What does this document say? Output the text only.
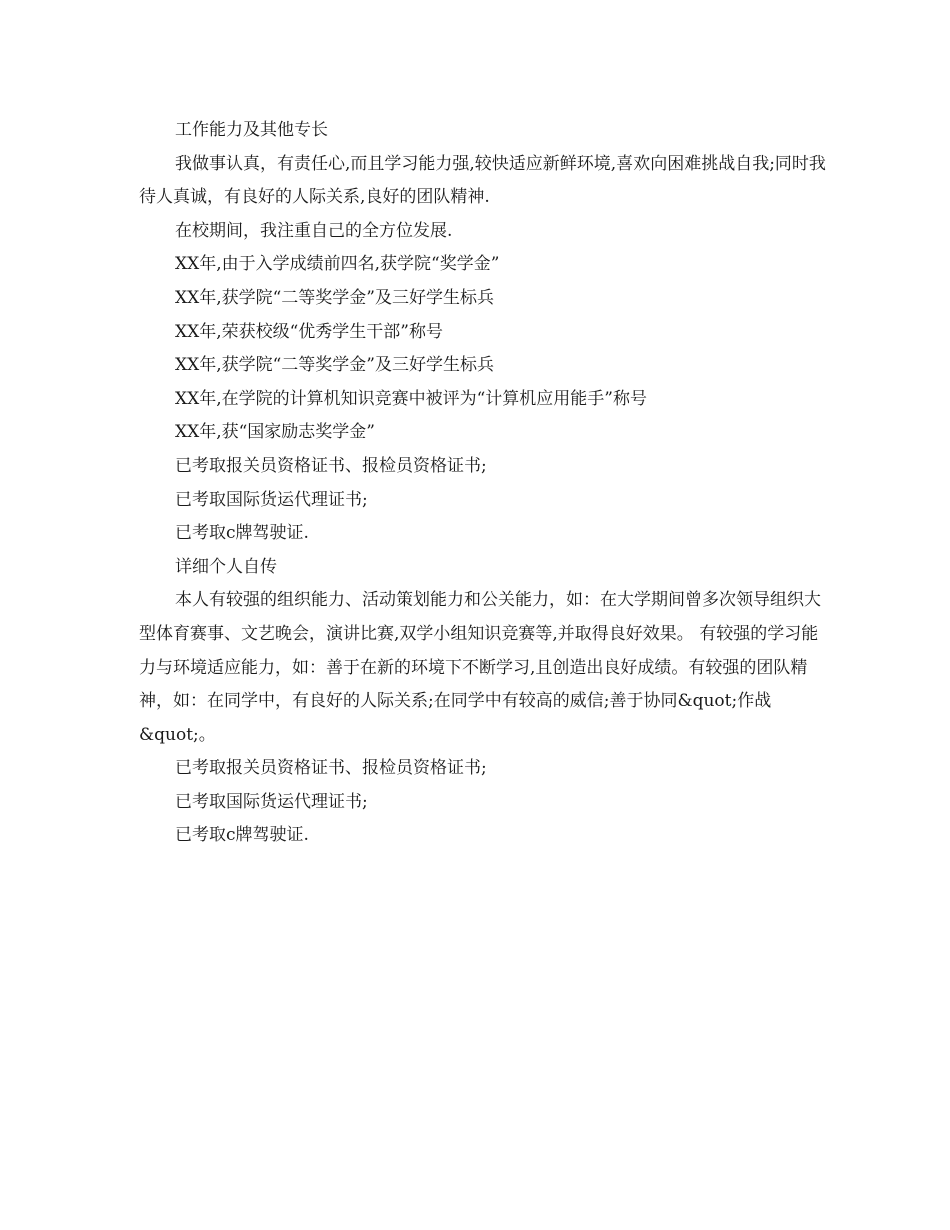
工作能力及其他专长

我做事认真，有责任心,而且学习能力强,较快适应新鲜环境,喜欢向困难挑战自我;同时我待人真诚，有良好的人际关系,良好的团队精神.

在校期间，我注重自己的全方位发展.

XX年,由于入学成绩前四名,获学院“奖学金”

XX年,获学院“二等奖学金”及三好学生标兵

XX年,荣获校级“优秀学生干部”称号

XX年,获学院“二等奖学金”及三好学生标兵

XX年,在学院的计算机知识竞赛中被评为“计算机应用能手”称号

XX年,获“国家励志奖学金”

已考取报关员资格证书、报检员资格证书;

已考取国际货运代理证书;

已考取c牌驾驶证.

详细个人自传

本人有较强的组织能力、活动策划能力和公关能力，如：在大学期间曾多次领导组织大型体育赛事、文艺晚会，演讲比赛,双学小组知识竞赛等,并取得良好效果。 有较强的学习能力与环境适应能力，如：善于在新的环境下不断学习,且创造出良好成绩。有较强的团队精神，如：在同学中，有良好的人际关系;在同学中有较高的威信;善于协同&quot;作战&quot;。

已考取报关员资格证书、报检员资格证书;

已考取国际货运代理证书;

已考取c牌驾驶证.
